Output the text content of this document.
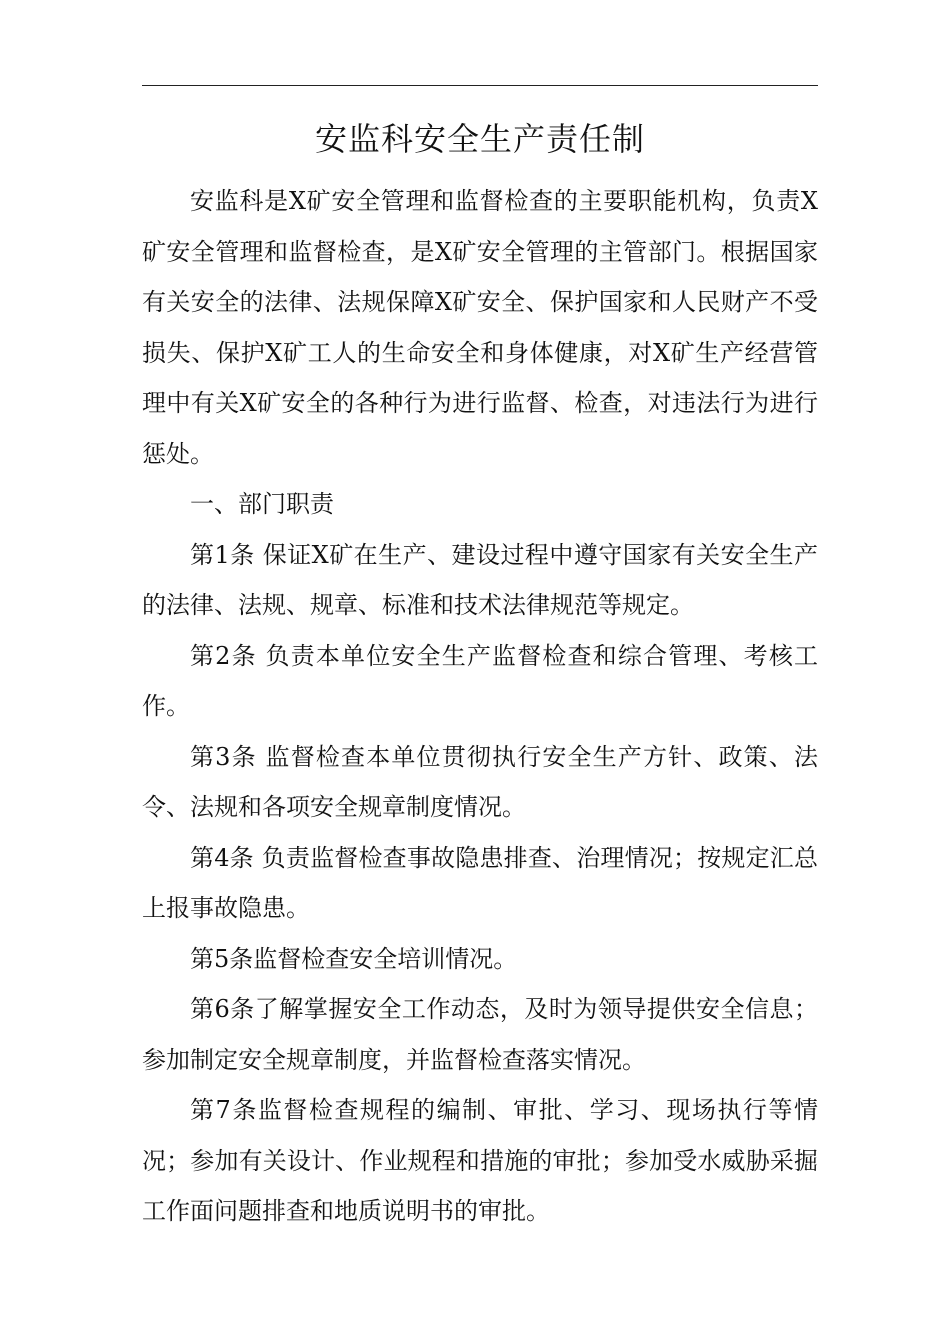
安监科安全生产责任制

安监科是X矿安全管理和监督检查的主要职能机构，负责X矿安全管理和监督检查，是X矿安全管理的主管部门。根据国家有关安全的法律、法规保障X矿安全、保护国家和人民财产不受损失、保护X矿工人的生命安全和身体健康，对X矿生产经营管理中有关X矿安全的各种行为进行监督、检查，对违法行为进行惩处。

一、部门职责

第1条 保证X矿在生产、建设过程中遵守国家有关安全生产的法律、法规、规章、标准和技术法律规范等规定。

第2条 负责本单位安全生产监督检查和综合管理、考核工作。

第3条 监督检查本单位贯彻执行安全生产方针、政策、法令、法规和各项安全规章制度情况。

第4条 负责监督检查事故隐患排查、治理情况；按规定汇总上报事故隐患。

第5条监督检查安全培训情况。

第6条了解掌握安全工作动态，及时为领导提供安全信息；参加制定安全规章制度，并监督检查落实情况。

第7条监督检查规程的编制、审批、学习、现场执行等情况；参加有关设计、作业规程和措施的审批；参加受水威胁采掘工作面问题排查和地质说明书的审批。
